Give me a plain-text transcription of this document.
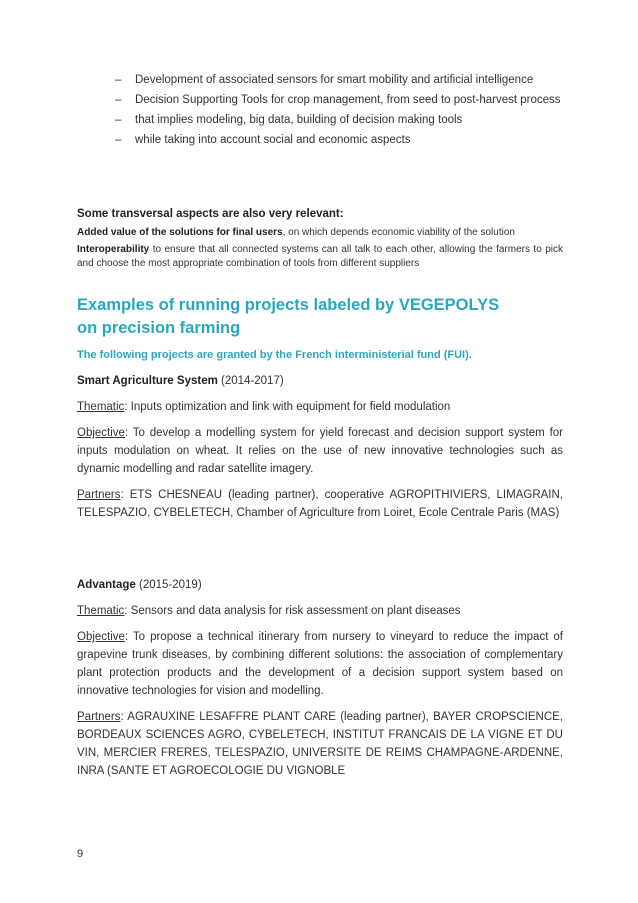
– Development of associated sensors for smart mobility and artificial intelligence
– Decision Supporting Tools for crop management, from seed to post-harvest process
– that implies modeling, big data, building of decision making tools
– while taking into account social and economic aspects
Some transversal aspects are also very relevant:
Added value of the solutions for final users, on which depends economic viability of the solution
Interoperability to ensure that all connected systems can all talk to each other, allowing the farmers to pick and choose the most appropriate combination of tools from different suppliers
Examples of running projects labeled by VEGEPOLYS on precision farming
The following projects are granted by the French interministerial fund (FUI).
Smart Agriculture System (2014-2017)
Thematic: Inputs optimization and link with equipment for field modulation
Objective: To develop a modelling system for yield forecast and decision support system for inputs modulation on wheat. It relies on the use of new innovative technologies such as dynamic modelling and radar satellite imagery.
Partners: ETS CHESNEAU (leading partner), cooperative AGROPITHIVIERS, LIMAGRAIN, TELESPAZIO, CYBELETECH, Chamber of Agriculture from Loiret, Ecole Centrale Paris (MAS)
Advantage (2015-2019)
Thematic: Sensors and data analysis for risk assessment on plant diseases
Objective: To propose a technical itinerary from nursery to vineyard to reduce the impact of grapevine trunk diseases, by combining different solutions: the association of complementary plant protection products and the development of a decision support system based on innovative technologies for vision and modelling.
Partners: AGRAUXINE LESAFFRE PLANT CARE (leading partner), BAYER CROPSCIENCE, BORDEAUX SCIENCES AGRO, CYBELETECH, INSTITUT FRANCAIS DE LA VIGNE ET DU VIN, MERCIER FRERES, TELESPAZIO, UNIVERSITE DE REIMS CHAMPAGNE-ARDENNE, INRA (SANTE ET AGROECOLOGIE DU VIGNOBLE
9
